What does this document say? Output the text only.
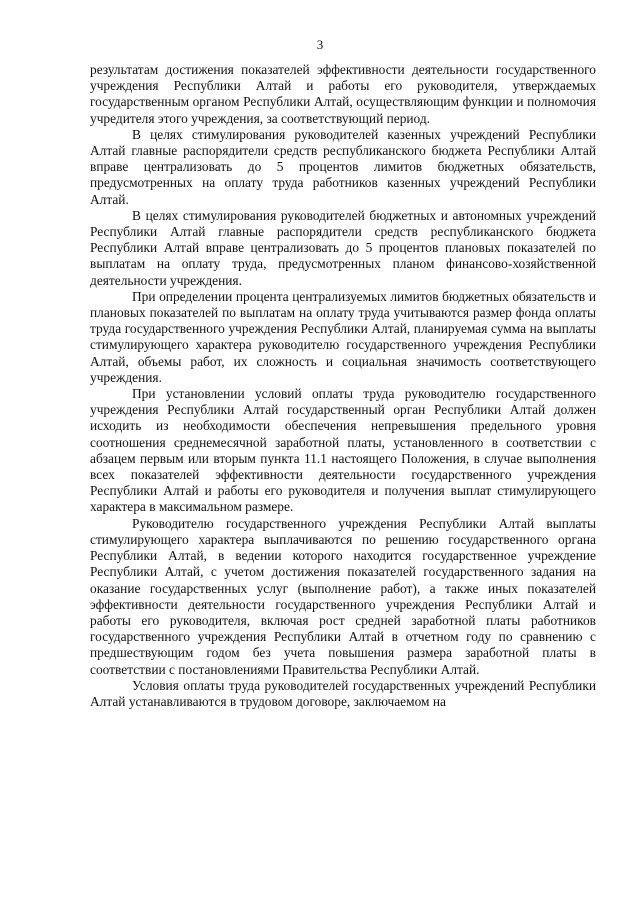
3

результатам достижения показателей эффективности деятельности государственного учреждения Республики Алтай и работы его руководителя, утверждаемых государственным органом Республики Алтай, осуществляющим функции и полномочия учредителя этого учреждения, за соответствующий период.

В целях стимулирования руководителей казенных учреждений Республики Алтай главные распорядители средств республиканского бюджета Республики Алтай вправе централизовать до 5 процентов лимитов бюджетных обязательств, предусмотренных на оплату труда работников казенных учреждений Республики Алтай.

В целях стимулирования руководителей бюджетных и автономных учреждений Республики Алтай главные распорядители средств республиканского бюджета Республики Алтай вправе централизовать до 5 процентов плановых показателей по выплатам на оплату труда, предусмотренных планом финансово-хозяйственной деятельности учреждения.

При определении процента централизуемых лимитов бюджетных обязательств и плановых показателей по выплатам на оплату труда учитываются размер фонда оплаты труда государственного учреждения Республики Алтай, планируемая сумма на выплаты стимулирующего характера руководителю государственного учреждения Республики Алтай, объемы работ, их сложность и социальная значимость соответствующего учреждения.

При установлении условий оплаты труда руководителю государственного учреждения Республики Алтай государственный орган Республики Алтай должен исходить из необходимости обеспечения непревышения предельного уровня соотношения среднемесячной заработной платы, установленного в соответствии с абзацем первым или вторым пункта 11.1 настоящего Положения, в случае выполнения всех показателей эффективности деятельности государственного учреждения Республики Алтай и работы его руководителя и получения выплат стимулирующего характера в максимальном размере.

Руководителю государственного учреждения Республики Алтай выплаты стимулирующего характера выплачиваются по решению государственного органа Республики Алтай, в ведении которого находится государственное учреждение Республики Алтай, с учетом достижения показателей государственного задания на оказание государственных услуг (выполнение работ), а также иных показателей эффективности деятельности государственного учреждения Республики Алтай и работы его руководителя, включая рост средней заработной платы работников государственного учреждения Республики Алтай в отчетном году по сравнению с предшествующим годом без учета повышения размера заработной платы в соответствии с постановлениями Правительства Республики Алтай.

Условия оплаты труда руководителей государственных учреждений Республики Алтай устанавливаются в трудовом договоре, заключаемом на
